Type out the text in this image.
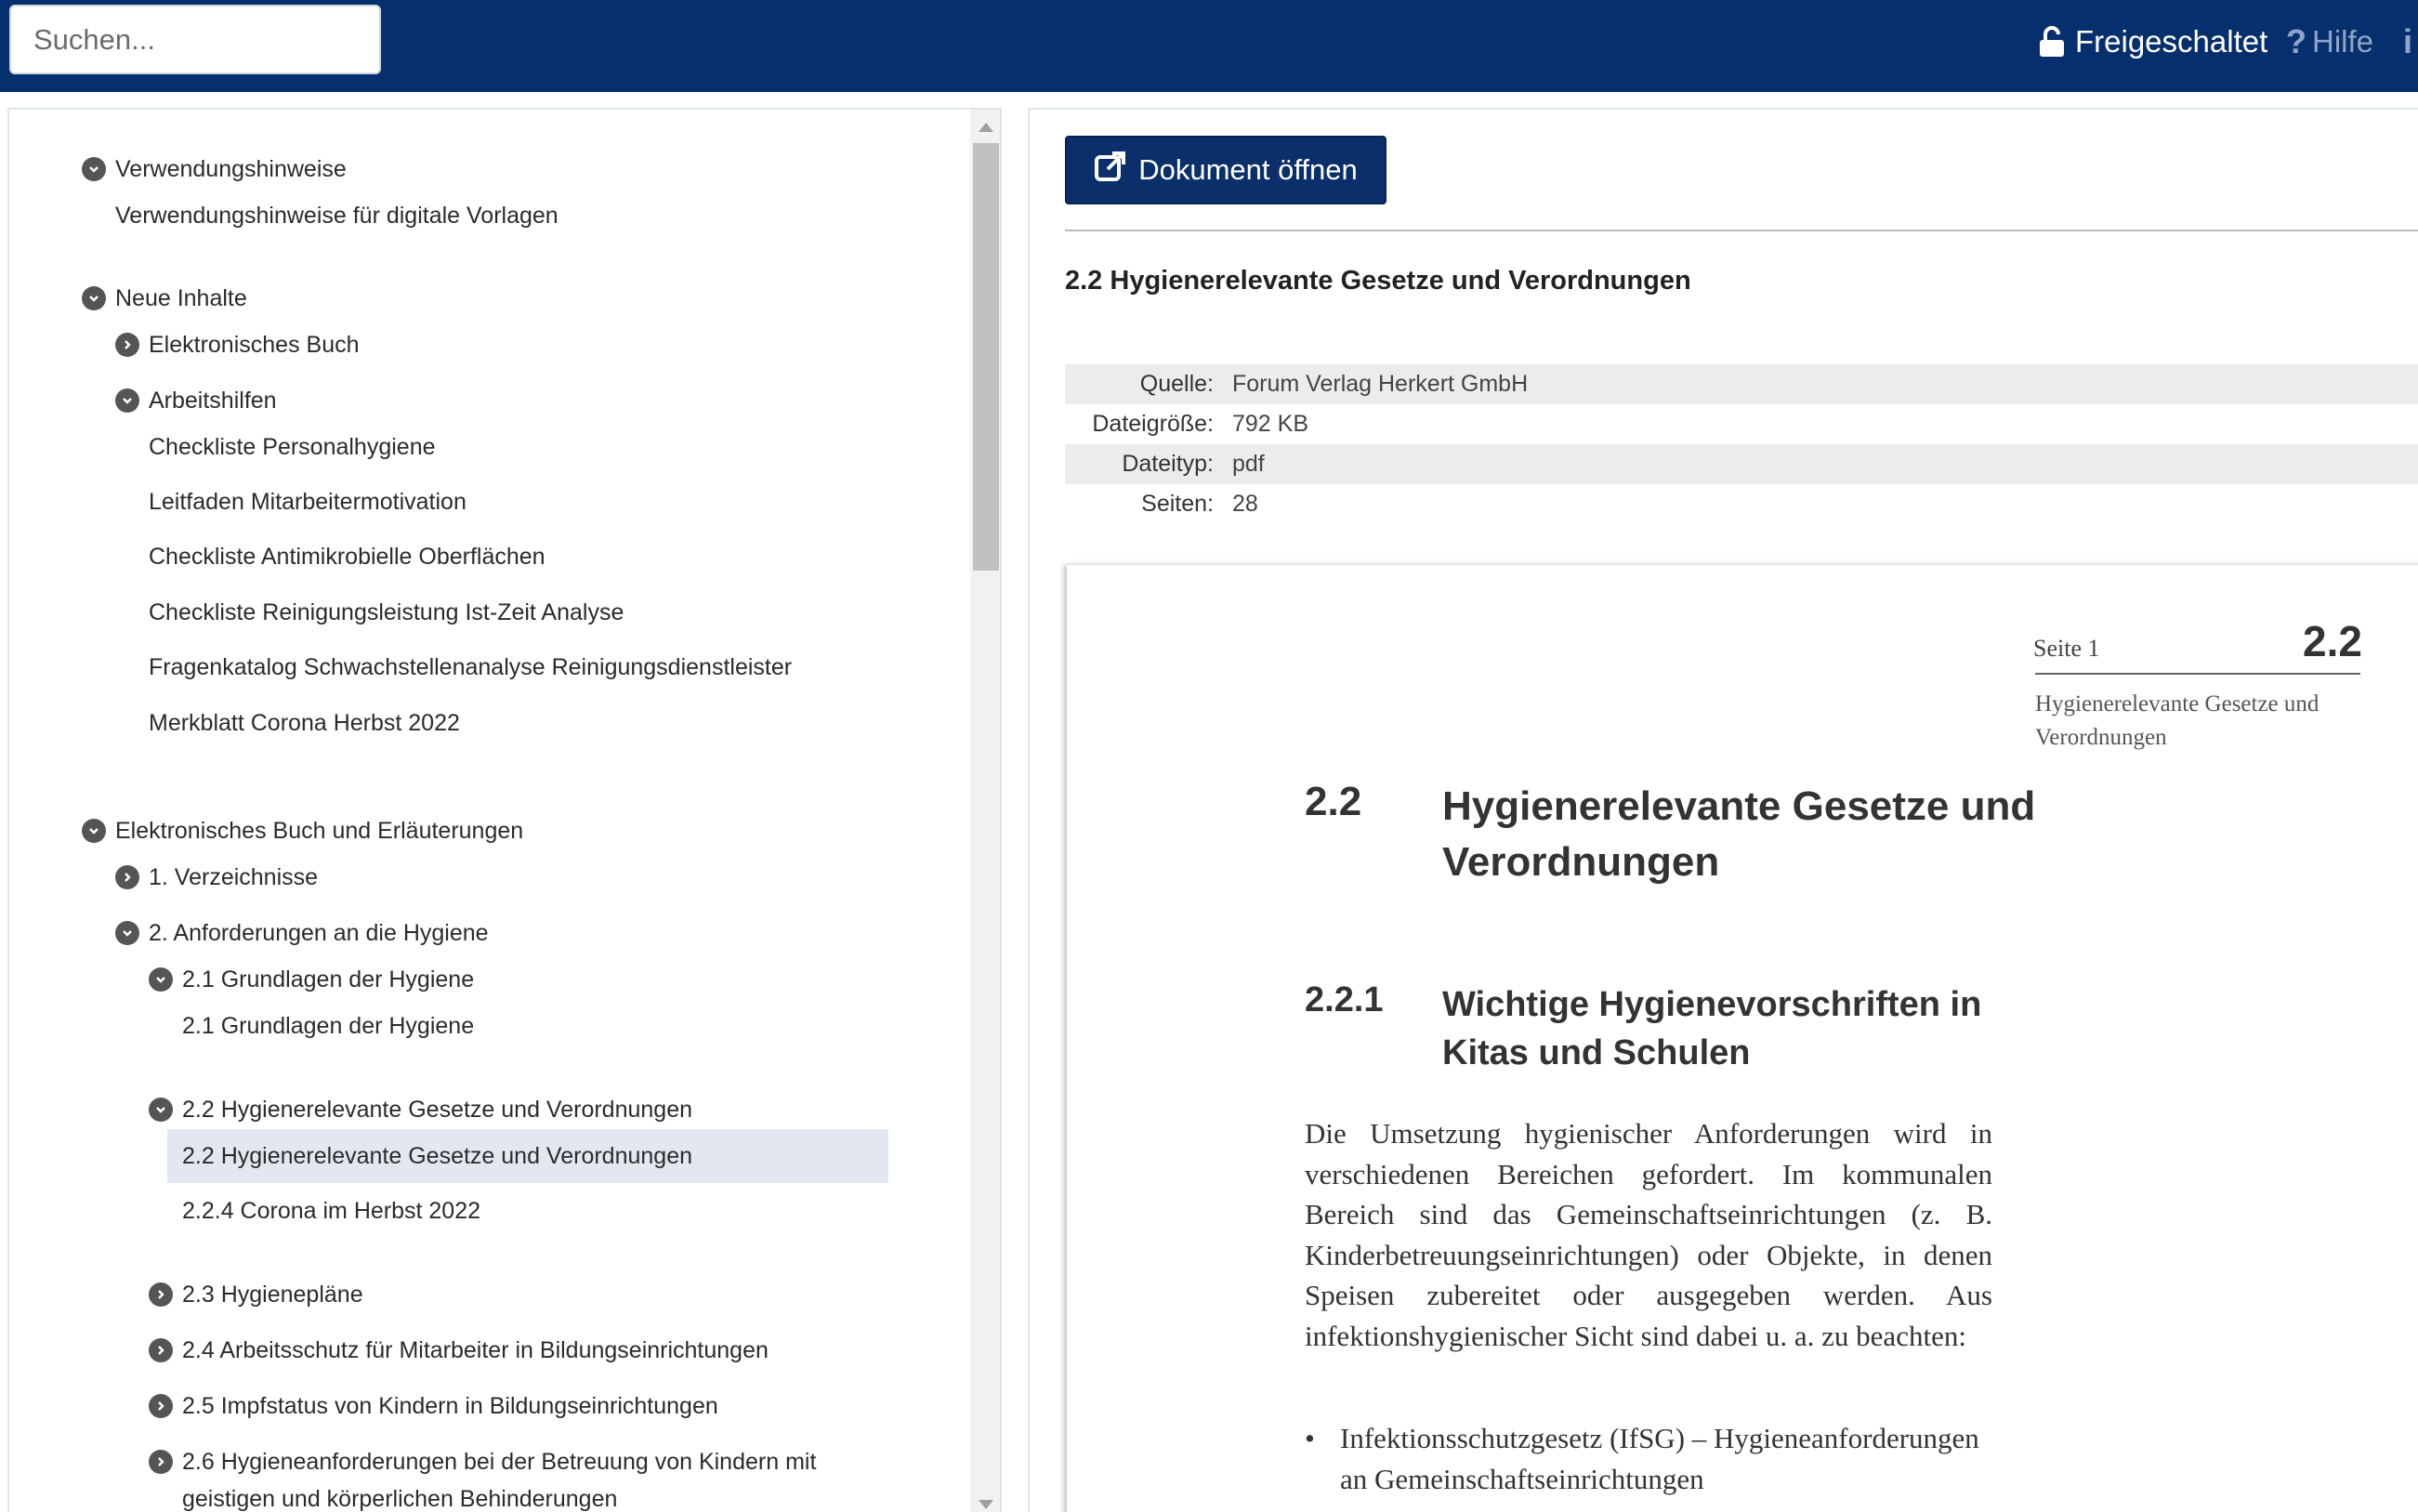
Suchen...
Freigeschaltet ? Hilfe i
Verwendungshinweise
Verwendungshinweise für digitale Vorlagen
Neue Inhalte
Elektronisches Buch
Arbeitshilfen
Checkliste Personalhygiene
Leitfaden Mitarbeitermotivation
Checkliste Antimikrobielle Oberflächen
Checkliste Reinigungsleistung Ist-Zeit Analyse
Fragenkatalog Schwachstellenanalyse Reinigungsdienstleister
Merkblatt Corona Herbst 2022
Elektronisches Buch und Erläuterungen
1. Verzeichnisse
2. Anforderungen an die Hygiene
2.1 Grundlagen der Hygiene
2.1 Grundlagen der Hygiene
2.2 Hygienerelevante Gesetze und Verordnungen
2.2 Hygienerelevante Gesetze und Verordnungen
2.2.4 Corona im Herbst 2022
2.3 Hygienepläne
2.4 Arbeitsschutz für Mitarbeiter in Bildungseinrichtungen
2.5 Impfstatus von Kindern in Bildungseinrichtungen
2.6 Hygieneanforderungen bei der Betreuung von Kindern mit geistigen und körperlichen Behinderungen
Dokument öffnen
2.2 Hygienerelevante Gesetze und Verordnungen
Quelle: Forum Verlag Herkert GmbH
Dateigröße: 792 KB
Dateityp: pdf
Seiten: 28
Seite 1	2.2
Hygienerelevante Gesetze und Verordnungen
2.2 Hygienerelevante Gesetze und Verordnungen
2.2.1 Wichtige Hygienevorschriften in Kitas und Schulen
Die Umsetzung hygienischer Anforderungen wird in verschiedenen Bereichen gefordert. Im kommunalen Bereich sind das Gemeinschaftseinrichtungen (z. B. Kinderbetreuungseinrichtungen) oder Objekte, in denen Speisen zubereitet oder ausgegeben werden. Aus infektionshygienischer Sicht sind dabei u. a. zu beachten:
• Infektionsschutzgesetz (IfSG) – Hygieneanforderungen an Gemeinschaftseinrichtungen
